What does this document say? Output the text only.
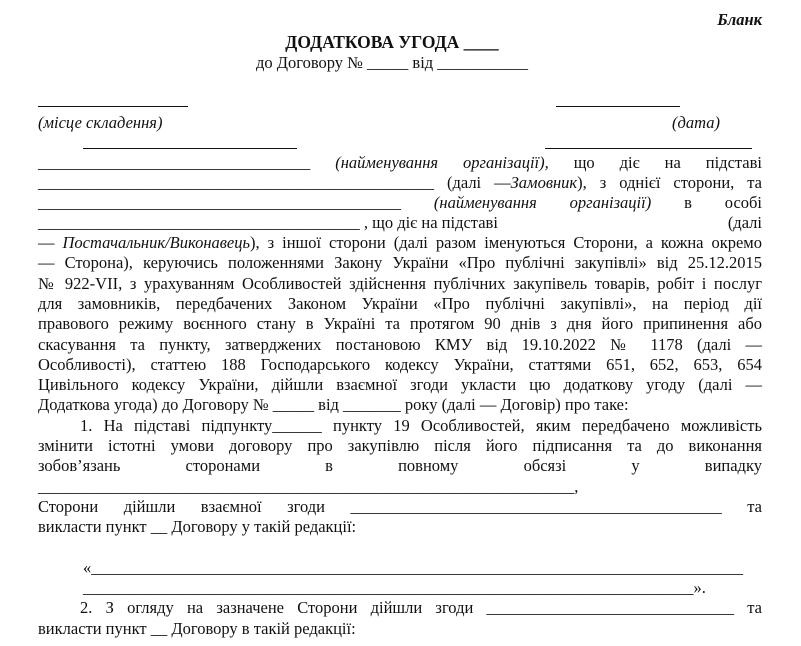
Бланк
ДОДАТКОВА УГОДА ____
до Договору № _____ від ___________
(місце складення)	(дата)
_________________________________ (найменування організації), що діє на підставі
________________________________________________ (далі —Замовник), з однієї сторони, та
____________________________________________ (найменування організації) в особі
_______________________________________ , що діє на підставі	(далі
— Постачальник/Виконавець), з іншої сторони (далі разом іменуються Сторони, а кожна окремо
— Сторона), керуючись положеннями Закону України «Про публічні закупівлі» від 25.12.2015
№ 922-VII, з урахуванням Особливостей здійснення публічних закупівель товарів, робіт і послуг
для замовників, передбачених Законом України «Про публічні закупівлі», на період дії
правового режиму воєнного стану в Україні та протягом 90 днів з дня його припинення або
скасування та пункту, затверджених постановою КМУ від 19.10.2022 № 1178 (далі —
Особливості), статтею 188 Господарського кодексу України, статтями 651, 652, 653, 654
Цивільного кодексу України, дійшли взаємної згоди укласти цю додаткову угоду (далі —
Додаткова угода) до Договору № _____ від _______ року (далі — Договір) про таке:
1. На підставі підпункту______ пункту 19 Особливостей, яким передбачено можливість
змінити істотні умови договору про закупівлю після його підписання та до виконання
зобов’язань сторонами в повному обсязі у випадку
_________________________________________________________________,
Сторони дійшли взаємної згоди _____________________________________________ та
викласти пункт __ Договору у такій редакції:
«_______________________________________________________________________________
__________________________________________________________________________».
2. З огляду на зазначене Сторони дійшли згоди ______________________________ та
викласти пункт __ Договору в такій редакції:
